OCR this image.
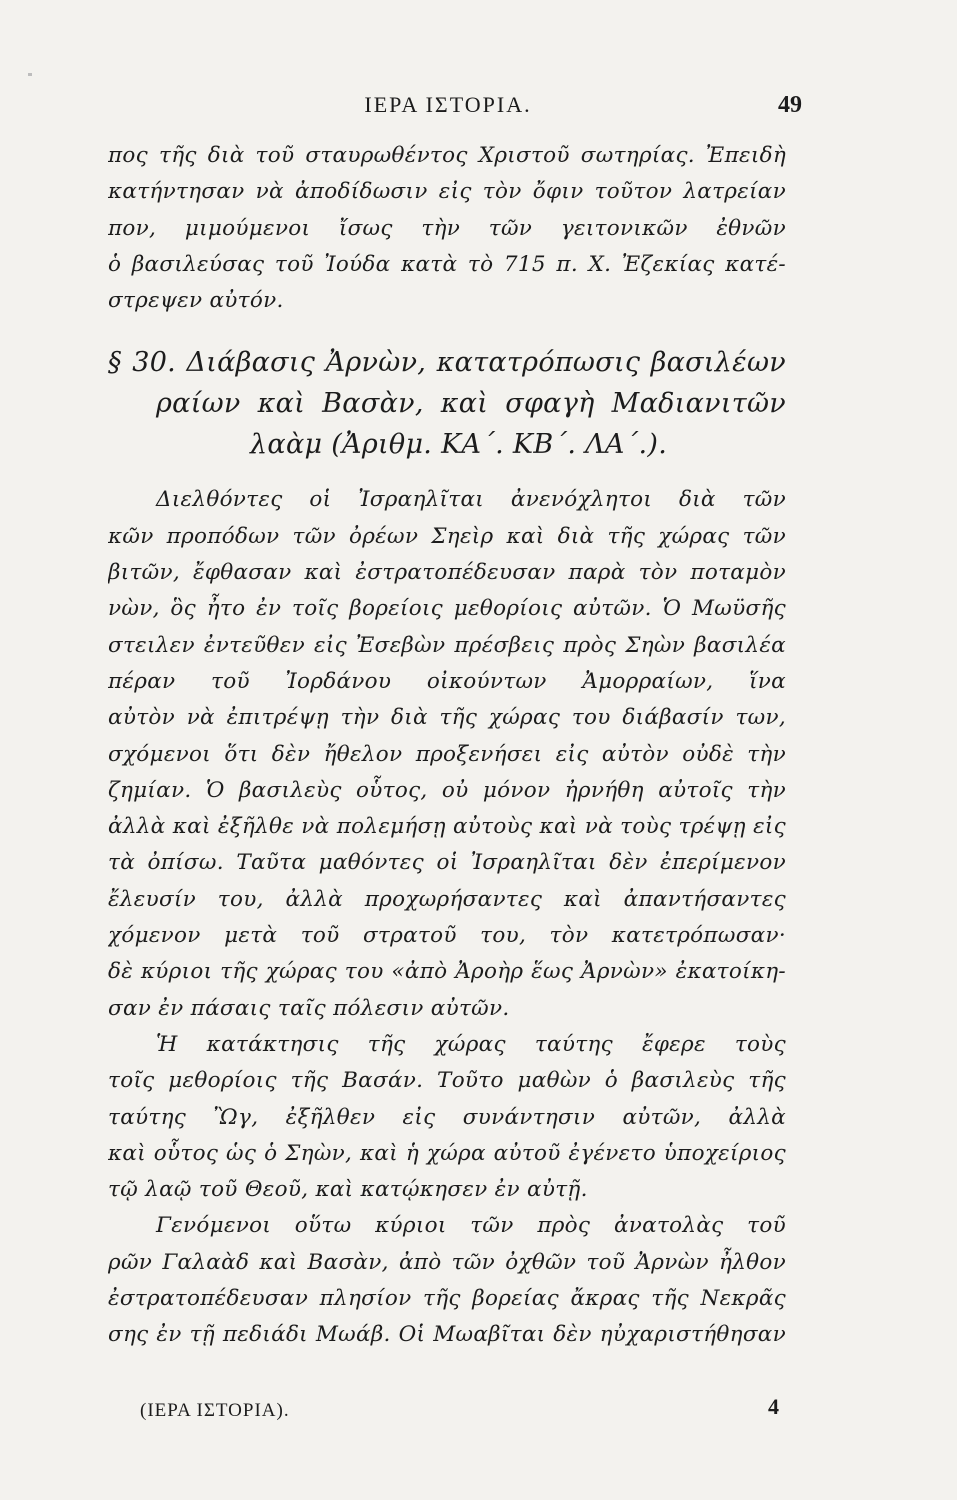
ΙΕΡΑ ΙΣΤΟΡΙΑ.	49
πος τῆς διὰ τοῦ σταυρωθέντος Χριστοῦ σωτηρίας. Ἐπειδὴ
κατήντησαν νὰ ἀποδίδωσιν εἰς τὸν ὄφιν τοῦτον λατρείαν
πον, μιμούμενοι ἴσως τὴν τῶν γειτονικῶν ἐθνῶν
ὁ βασιλεύσας τοῦ Ἰούδα κατὰ τὸ 715 π. Χ. Ἐζεκίας κατέ-
στρεψεν αὐτόν.
§ 30. Διάβασις Ἀρνὼν, κατατρόπωσις βασιλέων
ραίων καὶ Βασὰν, καὶ σφαγὴ Μαδιανιτῶν
λαὰμ (Ἀριθμ. ΚΑ΄. ΚΒ΄. ΛΑ΄.).
Διελθόντες οἱ Ἰσραηλῖται ἀνενόχλητοι διὰ τῶν
κῶν προπόδων τῶν ὀρέων Σηεὶρ καὶ διὰ τῆς χώρας τῶν
βιτῶν, ἔφθασαν καὶ ἐστρατοπέδευσαν παρὰ τὸν ποταμὸν
νὼν, ὃς ἦτο ἐν τοῖς βορείοις μεθορίοις αὐτῶν. Ὁ Μωϋσῆς
στειλεν ἐντεῦθεν εἰς Ἐσεβὼν πρέσβεις πρὸς Σηὼν βασιλέα
πέραν τοῦ Ἰορδάνου οἰκούντων Ἀμορραίων, ἵνα
αὐτὸν νὰ ἐπιτρέψῃ τὴν διὰ τῆς χώρας του διάβασίν των,
σχόμενοι ὅτι δὲν ἤθελον προξενήσει εἰς αὐτὸν οὐδὲ τὴν
ζημίαν. Ὁ βασιλεὺς οὗτος, οὐ μόνον ἠρνήθη αὐτοῖς τὴν
ἀλλὰ καὶ ἐξῆλθε νὰ πολεμήσῃ αὐτοὺς καὶ νὰ τοὺς τρέψῃ εἰς
τὰ ὀπίσω. Ταῦτα μαθόντες οἱ Ἰσραηλῖται δὲν ἐπερίμενον
ἔλευσίν του, ἀλλὰ προχωρήσαντες καὶ ἀπαντήσαντες
χόμενον μετὰ τοῦ στρατοῦ του, τὸν κατετρόπωσαν·
δὲ κύριοι τῆς χώρας του «ἀπὸ Ἀροὴρ ἕως Ἀρνὼν» ἐκατοίκη-
σαν ἐν πάσαις ταῖς πόλεσιν αὐτῶν.
Ἡ κατάκτησις τῆς χώρας ταύτης ἔφερε τοὺς
τοῖς μεθορίοις τῆς Βασάν. Τοῦτο μαθὼν ὁ βασιλεὺς τῆς
ταύτης Ὢγ, ἐξῆλθεν εἰς συνάντησιν αὐτῶν, ἀλλὰ
καὶ οὗτος ὡς ὁ Σηὼν, καὶ ἡ χώρα αὐτοῦ ἐγένετο ὑποχείριος
τῷ λαῷ τοῦ Θεοῦ, καὶ κατῴκησεν ἐν αὐτῇ.
Γενόμενοι οὕτω κύριοι τῶν πρὸς ἀνατολὰς τοῦ
ρῶν Γαλαὰδ καὶ Βασὰν, ἀπὸ τῶν ὀχθῶν τοῦ Ἀρνὼν ἦλθον
ἐστρατοπέδευσαν πλησίον τῆς βορείας ἄκρας τῆς Νεκρᾶς
σης ἐν τῇ πεδιάδι Μωάβ. Οἱ Μωαβῖται δὲν ηὐχαριστήθησαν
(ΙΕΡΑ ΙΣΤΟΡΙΑ).	4
